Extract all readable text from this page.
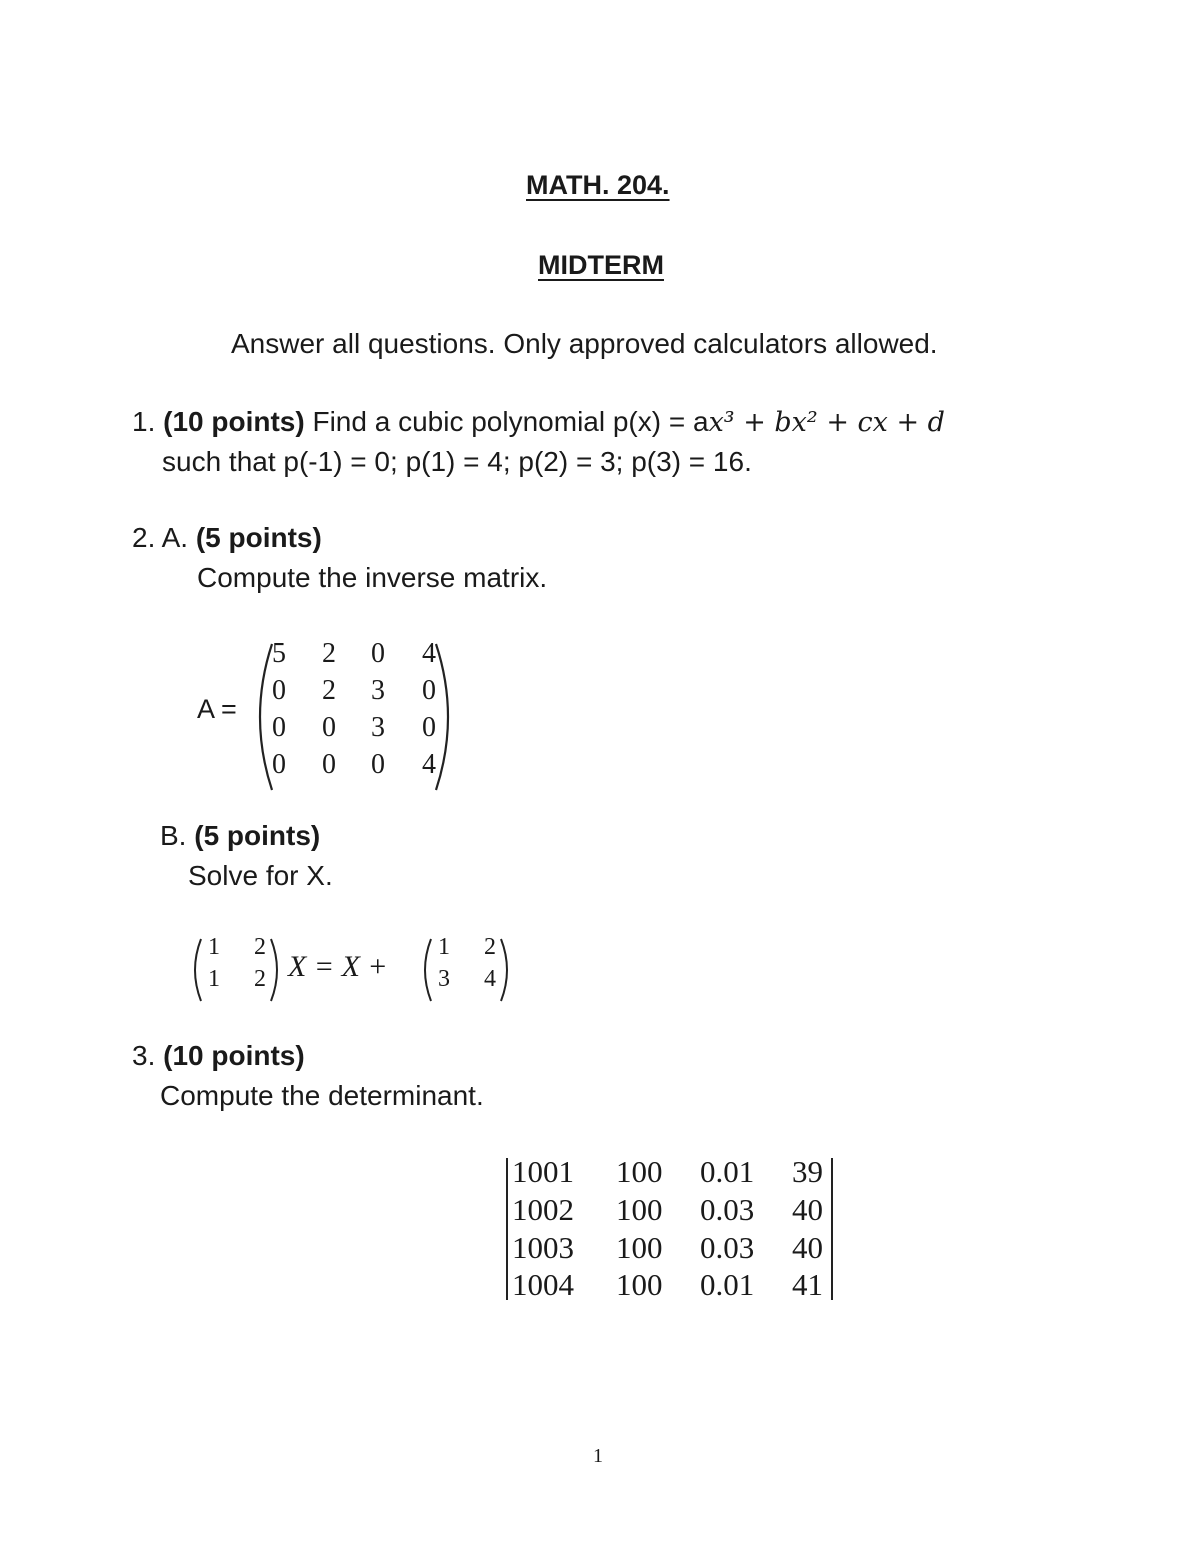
MATH. 204.
MIDTERM
Answer all questions. Only approved calculators allowed.
1. (10 points) Find a cubic polynomial p(x) = ax³ + bx² + cx + d
such that p(-1) = 0; p(1) = 4; p(2) = 3; p(3) = 16.
2. A. (5 points)
Compute the inverse matrix.
A =
5 2 0 4
0 2 3 0
0 0 3 0
0 0 0 4
B. (5 points)
Solve for X.
1 2
1 2 X = X +
1 2
3 4
3. (10 points)
Compute the determinant.
1001 100 0.01 39
1002 100 0.03 40
1003 100 0.03 40
1004 100 0.01 41
1
